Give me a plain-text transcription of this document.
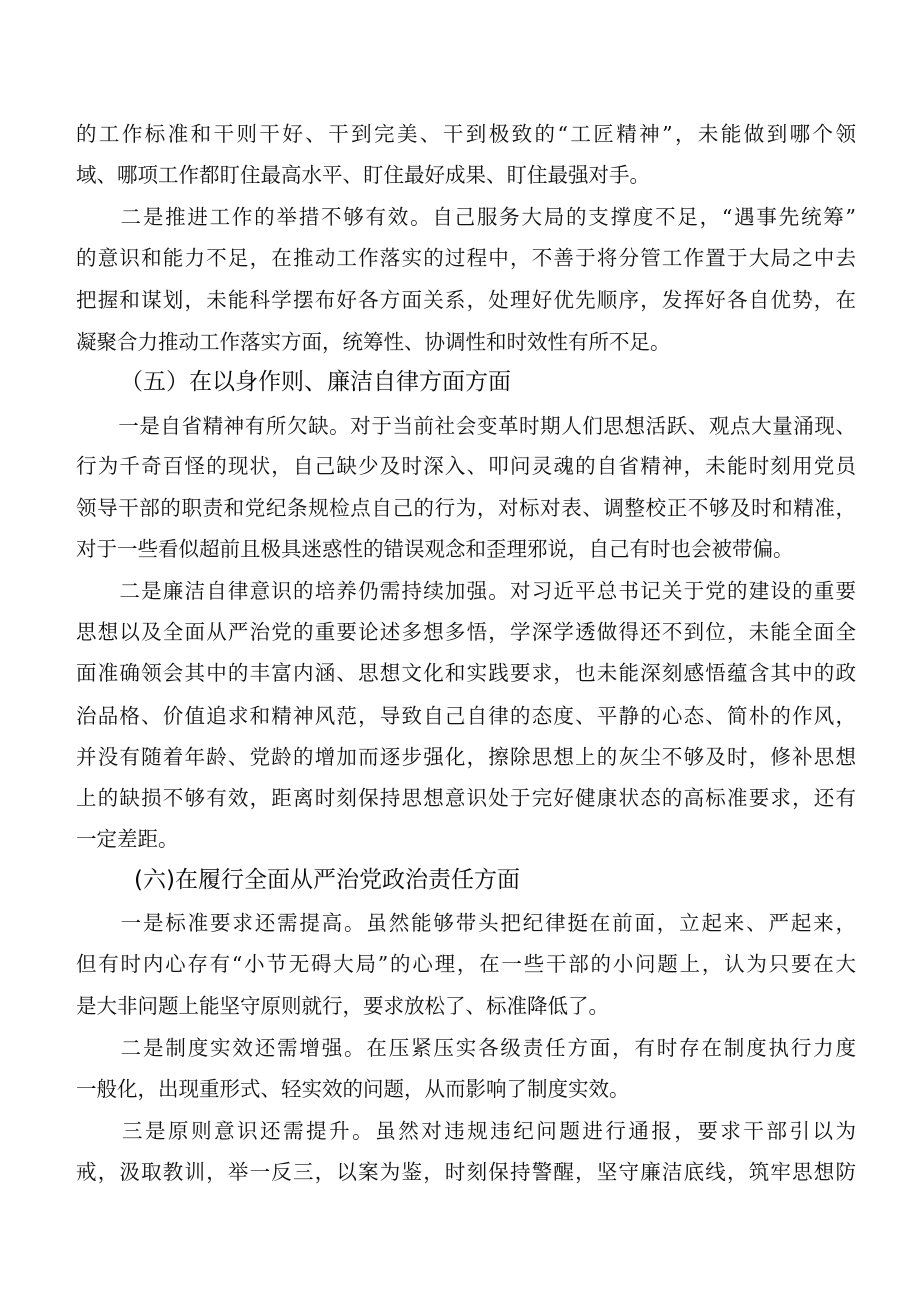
的工作标准和干则干好、干到完美、干到极致的“工匠精神”，未能做到哪个领
域、哪项工作都盯住最高水平、盯住最好成果、盯住最强对手。
　　二是推进工作的举措不够有效。自己服务大局的支撑度不足，“遇事先统筹”
的意识和能力不足，在推动工作落实的过程中，不善于将分管工作置于大局之中去
把握和谋划，未能科学摆布好各方面关系，处理好优先顺序，发挥好各自优势，在
凝聚合力推动工作落实方面，统筹性、协调性和时效性有所不足。
（五）在以身作则、廉洁自律方面方面
　　一是自省精神有所欠缺。对于当前社会变革时期人们思想活跃、观点大量涌现、
行为千奇百怪的现状，自己缺少及时深入、叩问灵魂的自省精神，未能时刻用党员
领导干部的职责和党纪条规检点自己的行为，对标对表、调整校正不够及时和精准，
对于一些看似超前且极具迷惑性的错误观念和歪理邪说，自己有时也会被带偏。
　　二是廉洁自律意识的培养仍需持续加强。对习近平总书记关于党的建设的重要
思想以及全面从严治党的重要论述多想多悟，学深学透做得还不到位，未能全面全
面准确领会其中的丰富内涵、思想文化和实践要求，也未能深刻感悟蕴含其中的政
治品格、价值追求和精神风范，导致自己自律的态度、平静的心态、简朴的作风，
并没有随着年龄、党龄的增加而逐步强化，擦除思想上的灰尘不够及时，修补思想
上的缺损不够有效，距离时刻保持思想意识处于完好健康状态的高标准要求，还有
一定差距。
(六)在履行全面从严治党政治责任方面
　　一是标准要求还需提高。虽然能够带头把纪律挺在前面，立起来、严起来，
但有时内心存有“小节无碍大局”的心理，在一些干部的小问题上，认为只要在大
是大非问题上能坚守原则就行，要求放松了、标准降低了。
　　二是制度实效还需增强。在压紧压实各级责任方面，有时存在制度执行力度
一般化，出现重形式、轻实效的问题，从而影响了制度实效。
　　三是原则意识还需提升。虽然对违规违纪问题进行通报，要求干部引以为
戒，汲取教训，举一反三，以案为鉴，时刻保持警醒，坚守廉洁底线，筑牢思想防
